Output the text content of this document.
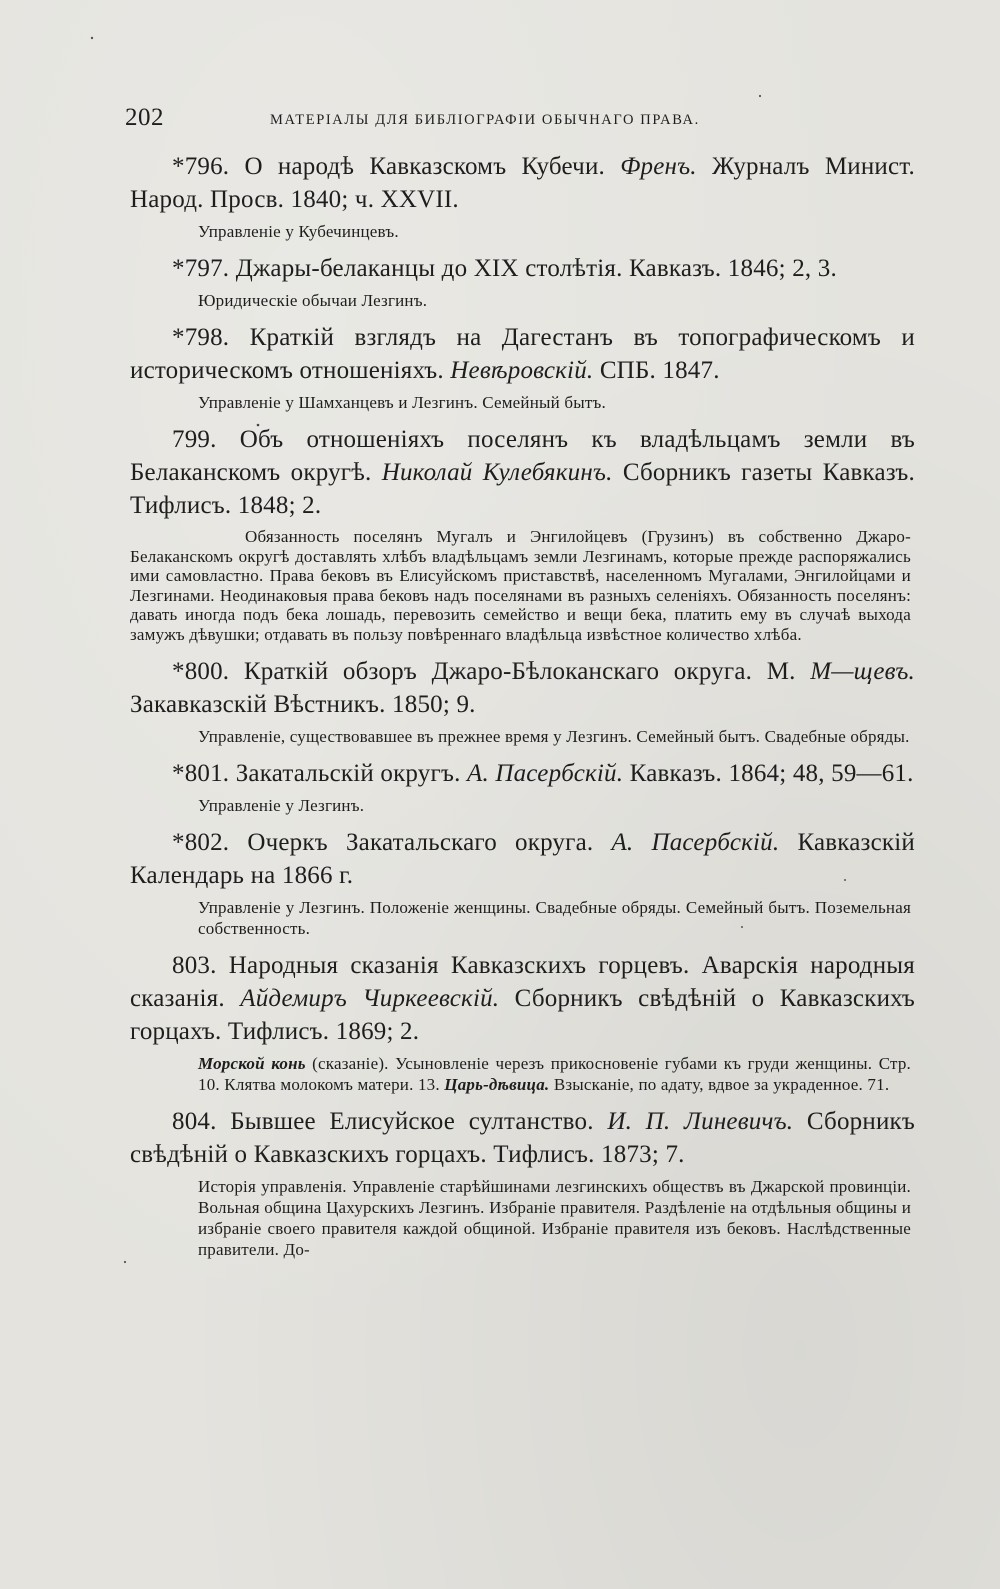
202	МАТЕРІАЛЫ ДЛЯ БИБЛІОГРАФІИ ОБЫЧНАГО ПРАВА.

*796. О народѣ Кавказскомъ Кубечи. Френъ. Журналъ Минист. Народ. Просв. 1840; ч. XXVII.

Управленіе у Кубечинцевъ.

*797. Джары-белаканцы до XIX столѣтія. Кавказъ. 1846; 2, 3.

Юридическіе обычаи Лезгинъ.

*798. Краткій взглядъ на Дагестанъ въ топографическомъ и историческомъ отношеніяхъ. Невѣровскій. СПБ. 1847.

Управленіе у Шамханцевъ и Лезгинъ. Семейный бытъ.

799. Объ отношеніяхъ поселянъ къ владѣльцамъ земли въ Белаканскомъ округѣ. Николай Кулебякинъ. Сборникъ газеты Кавказъ. Тифлисъ. 1848; 2.

Обязанность поселянъ Мугалъ и Энгилойцевъ (Грузинъ) въ собственно Джаро-Белаканскомъ округѣ доставлять хлѣбъ владѣльцамъ земли Лезгинамъ, которые прежде распоряжались ими самовластно. Права бековъ въ Елисуйскомъ приставствѣ, населенномъ Мугалами, Энгилойцами и Лезгинами. Неодинаковыя права бековъ надъ поселянами въ разныхъ селеніяхъ. Обязанность поселянъ: давать иногда подъ бека лошадь, перевозить семейство и вещи бека, платить ему въ случаѣ выхода замужъ дѣвушки; отдавать въ пользу повѣреннаго владѣльца извѣстное количество хлѣба.

*800. Краткій обзоръ Джаро-Бѣлоканскаго округа. М. М—щевъ. Закавказскій Вѣстникъ. 1850; 9.

Управленіе, существовавшее въ прежнее время у Лезгинъ. Семейный бытъ. Свадебные обряды.

*801. Закатальскій округъ. А. Пасербскій. Кавказъ. 1864; 48, 59—61.

Управленіе у Лезгинъ.

*802. Очеркъ Закатальскаго округа. А. Пасербскій. Кавказскій Календарь на 1866 г.

Управленіе у Лезгинъ. Положеніе женщины. Свадебные обряды. Семейный бытъ. Поземельная собственность.

803. Народныя сказанія Кавказскихъ горцевъ. Аварскія народныя сказанія. Айдемиръ Чиркеевскій. Сборникъ свѣдѣній о Кавказскихъ горцахъ. Тифлисъ. 1869; 2.

Морской конь (сказаніе). Усыновленіе черезъ прикосновеніе губами къ груди женщины. Стр. 10. Клятва молокомъ матери. 13. Царь-дѣвица. Взысканіе, по адату, вдвое за украденное. 71.

804. Бывшее Елисуйское султанство. И. П. Линевичъ. Сборникъ свѣдѣній о Кавказскихъ горцахъ. Тифлисъ. 1873; 7.

Исторія управленія. Управленіе старѣйшинами лезгинскихъ обществъ въ Джарской провинціи. Вольная община Цахурскихъ Лезгинъ. Избраніе правителя. Раздѣленіе на отдѣльныя общины и избраніе своего правителя каждой общиной. Избраніе правителя изъ бековъ. Наслѣдственные правители. До-
